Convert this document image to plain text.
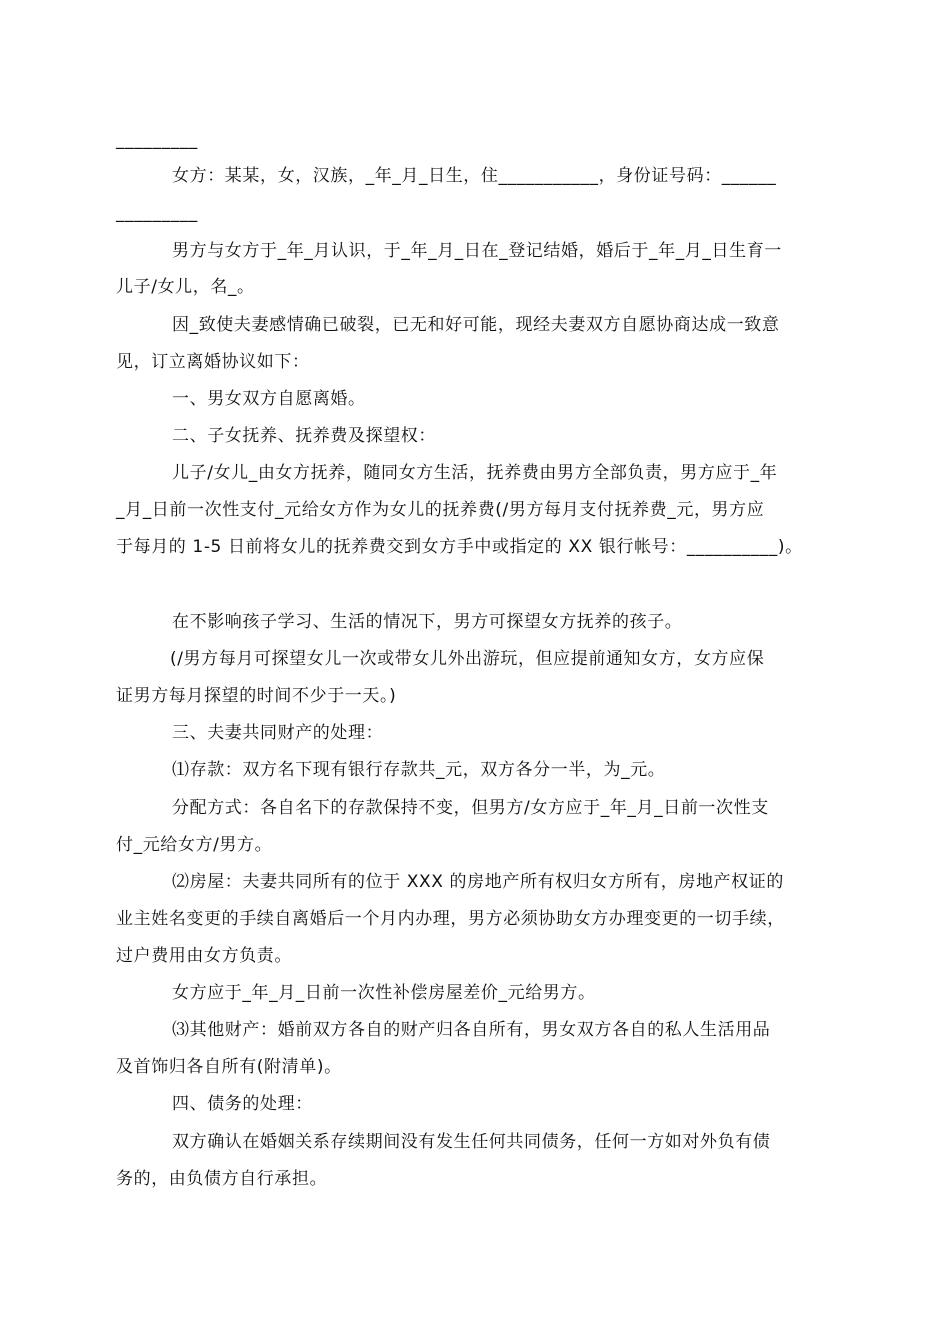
_________
女方：某某，女，汉族，_年_月_日生，住___________，身份证号码：______
_________
男方与女方于_年_月认识，于_年_月_日在_登记结婚，婚后于_年_月_日生育一
儿子/女儿，名_。
因_致使夫妻感情确已破裂，已无和好可能，现经夫妻双方自愿协商达成一致意
见，订立离婚协议如下：
一、男女双方自愿离婚。
二、子女抚养、抚养费及探望权：
儿子/女儿_由女方抚养，随同女方生活，抚养费由男方全部负责，男方应于_年
_月_日前一次性支付_元给女方作为女儿的抚养费(/男方每月支付抚养费_元，男方应
于每月的 1-5 日前将女儿的抚养费交到女方手中或指定的 XX 银行帐号：__________)。
在不影响孩子学习、生活的情况下，男方可探望女方抚养的孩子。
(/男方每月可探望女儿一次或带女儿外出游玩，但应提前通知女方，女方应保
证男方每月探望的时间不少于一天。)
三、夫妻共同财产的处理：
⑴存款：双方名下现有银行存款共_元，双方各分一半，为_元。
分配方式：各自名下的存款保持不变，但男方/女方应于_年_月_日前一次性支
付_元给女方/男方。
⑵房屋：夫妻共同所有的位于 XXX 的房地产所有权归女方所有，房地产权证的
业主姓名变更的手续自离婚后一个月内办理，男方必须协助女方办理变更的一切手续，
过户费用由女方负责。
女方应于_年_月_日前一次性补偿房屋差价_元给男方。
⑶其他财产：婚前双方各自的财产归各自所有，男女双方各自的私人生活用品
及首饰归各自所有(附清单)。
四、债务的处理：
双方确认在婚姻关系存续期间没有发生任何共同债务，任何一方如对外负有债
务的，由负债方自行承担。
